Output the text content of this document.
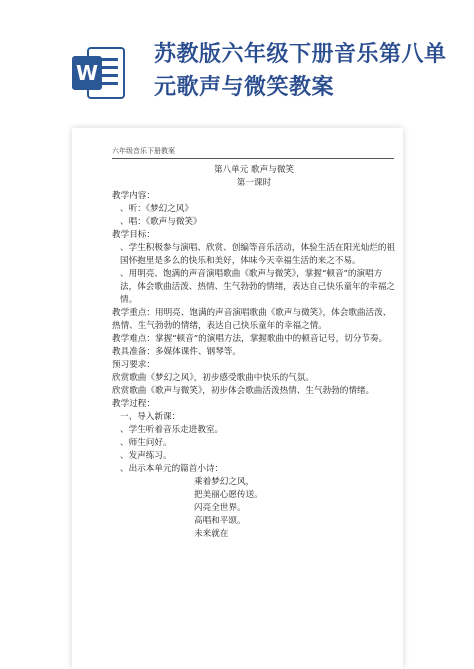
W
苏教版六年级下册音乐第八单元歌声与微笑教案
六年级音乐下册教案

第八单元 歌声与微笑

第一课时

教学内容：

、听：《梦幻之风》

、唱：《歌声与微笑》

教学目标：

、学生积极参与演唱、欣赏、创编等音乐活动，体验生活在阳光灿烂的祖国怀抱里是多么的快乐和美好，体味今天幸福生活的来之不易。

、用明亮、饱满的声音演唱歌曲《歌声与微笑》，掌握“顿音”的演唱方法，体会歌曲活泼、热情、生气勃勃的情绪，表达自己快乐童年的幸福之情。

教学重点：用明亮、饱满的声音演唱歌曲《歌声与微笑》，体会歌曲活泼、热情、生气勃勃的情绪，表达自己快乐童年的幸福之情。

教学难点：掌握“顿音”的演唱方法，掌握歌曲中的顿音记号，切分节奏。

教具准备：多媒体课件、钢琴等。

预习要求：

欣赏歌曲《梦幻之风》，初步感受歌曲中快乐的气氛。

欣赏歌曲《歌声与微笑》，初步体会歌曲活泼热情、生气勃勃的情绪。

教学过程：

一、导入新课：

、学生听着音乐走进教室。

、师生问好。

、发声练习。

、出示本单元的篇首小诗：

乘着梦幻之风，

把美丽心愿传送。

闪亮全世界。

高唱和平颂。

未来就在
